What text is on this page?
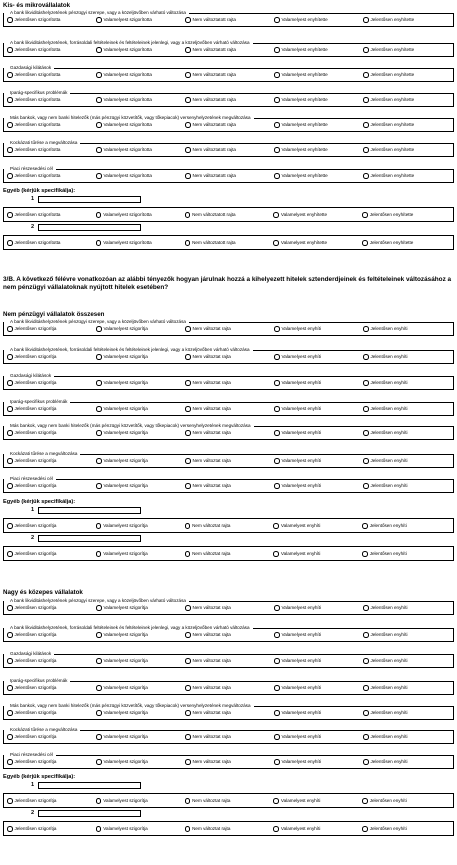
Kis- és mikrovállalatok
A bank likviditáshelyzetének pénzügyi szerepe, vagy a közeljövőben várható változása
Jelentősen szigorította	Valamelyest szigorította	Nem változtatott rajta	Valamelyest enyhítette	Jelentősen enyhítette
A bank likviditáshelyzetének, forrásoldali feltételeinek és feltételeinek jelenlegi, vagy a közeljövőben várható változása
Jelentősen szigorította	Valamelyest szigorította	Nem változtatott rajta	Valamelyest enyhítette	Jelentősen enyhítette
Gazdasági kilátások
Jelentősen szigorította	Valamelyest szigorította	Nem változtatott rajta	Valamelyest enyhítette	Jelentősen enyhítette
Iparág-specifikus problémák
Jelentősen szigorította	Valamelyest szigorította	Nem változtatott rajta	Valamelyest enyhítette	Jelentősen enyhítette
Más bankok, vagy nem banki hitelezők (más pénzügyi közvetítők, vagy tőkepiacok) versenyhelyzetének megváltozása
Jelentősen szigorította	Valamelyest szigorította	Nem változtatott rajta	Valamelyest enyhítette	Jelentősen enyhítette
Kockázati tűrése a megváltozása
Jelentősen szigorította	Valamelyest szigorította	Nem változtatott rajta	Valamelyest enyhítette	Jelentősen enyhítette
Piaci részesedési cél
Jelentősen szigorította	Valamelyest szigorította	Nem változtatott rajta	Valamelyest enyhítette	Jelentősen enyhítette
Egyéb (kérjük specifikálja):
1
Jelentősen szigorította	Valamelyest szigorította	Nem változtatott rajta	Valamelyest enyhítette	Jelentősen enyhítette
2
Jelentősen szigorította	Valamelyest szigorította	Nem változtatott rajta	Valamelyest enyhítette	Jelentősen enyhítette
3/B. A következő félévre vonatkozóan az alábbi tényezők hogyan járulnak hozzá a kihelyezett hitelek sztenderdjeinek és feltételeinek változásához a nem pénzügyi vállalatoknak nyújtott hitelek esetében?
Nem pénzügyi vállalatok összesen
A bank likviditáshelyzetének pénzügyi szerepe, vagy a közeljövőben várható változása
Jelentősen szigorítja	Valamelyest szigorítja	Nem változtat rajta	Valamelyest enyhíti	Jelentősen enyhíti
A bank likviditáshelyzetének, forrásoldali feltételeinek és feltételeinek jelenlegi, vagy a közeljövőben várható változása
Jelentősen szigorítja	Valamelyest szigorítja	Nem változtat rajta	Valamelyest enyhíti	Jelentősen enyhíti
Gazdasági kilátások
Jelentősen szigorítja	Valamelyest szigorítja	Nem változtat rajta	Valamelyest enyhíti	Jelentősen enyhíti
Iparág-specifikus problémák
Jelentősen szigorítja	Valamelyest szigorítja	Nem változtat rajta	Valamelyest enyhíti	Jelentősen enyhíti
Más bankok, vagy nem banki hitelezők (más pénzügyi közvetítők, vagy tőkepiacok) versenyhelyzetének megváltozása
Jelentősen szigorítja	Valamelyest szigorítja	Nem változtat rajta	Valamelyest enyhíti	Jelentősen enyhíti
Kockázati tűrése a megváltozása
Jelentősen szigorítja	Valamelyest szigorítja	Nem változtat rajta	Valamelyest enyhíti	Jelentősen enyhíti
Piaci részesedési cél
Jelentősen szigorítja	Valamelyest szigorítja	Nem változtat rajta	Valamelyest enyhíti	Jelentősen enyhíti
Egyéb (kérjük specifikálja):
1
Jelentősen szigorítja	Valamelyest szigorítja	Nem változtat rajta	Valamelyest enyhíti	Jelentősen enyhíti
2
Jelentősen szigorítja	Valamelyest szigorítja	Nem változtat rajta	Valamelyest enyhíti	Jelentősen enyhíti
Nagy és közepes vállalatok
A bank likviditáshelyzetének pénzügyi szerepe, vagy a közeljövőben várható változása
Jelentősen szigorítja	Valamelyest szigorítja	Nem változtat rajta	Valamelyest enyhíti	Jelentősen enyhíti
A bank likviditáshelyzetének, forrásoldali feltételeinek és feltételeinek jelenlegi, vagy a közeljövőben várható változása
Jelentősen szigorítja	Valamelyest szigorítja	Nem változtat rajta	Valamelyest enyhíti	Jelentősen enyhíti
Gazdasági kilátások
Jelentősen szigorítja	Valamelyest szigorítja	Nem változtat rajta	Valamelyest enyhíti	Jelentősen enyhíti
Iparág-specifikus problémák
Jelentősen szigorítja	Valamelyest szigorítja	Nem változtat rajta	Valamelyest enyhíti	Jelentősen enyhíti
Más bankok, vagy nem banki hitelezők (más pénzügyi közvetítők, vagy tőkepiacok) versenyhelyzetének megváltozása
Jelentősen szigorítja	Valamelyest szigorítja	Nem változtat rajta	Valamelyest enyhíti	Jelentősen enyhíti
Kockázati tűrése a megváltozása
Jelentősen szigorítja	Valamelyest szigorítja	Nem változtat rajta	Valamelyest enyhíti	Jelentősen enyhíti
Piaci részesedési cél
Jelentősen szigorítja	Valamelyest szigorítja	Nem változtat rajta	Valamelyest enyhíti	Jelentősen enyhíti
Egyéb (kérjük specifikálja):
1
Jelentősen szigorítja	Valamelyest szigorítja	Nem változtat rajta	Valamelyest enyhíti	Jelentősen enyhíti
2
Jelentősen szigorítja	Valamelyest szigorítja	Nem változtat rajta	Valamelyest enyhíti	Jelentősen enyhíti
